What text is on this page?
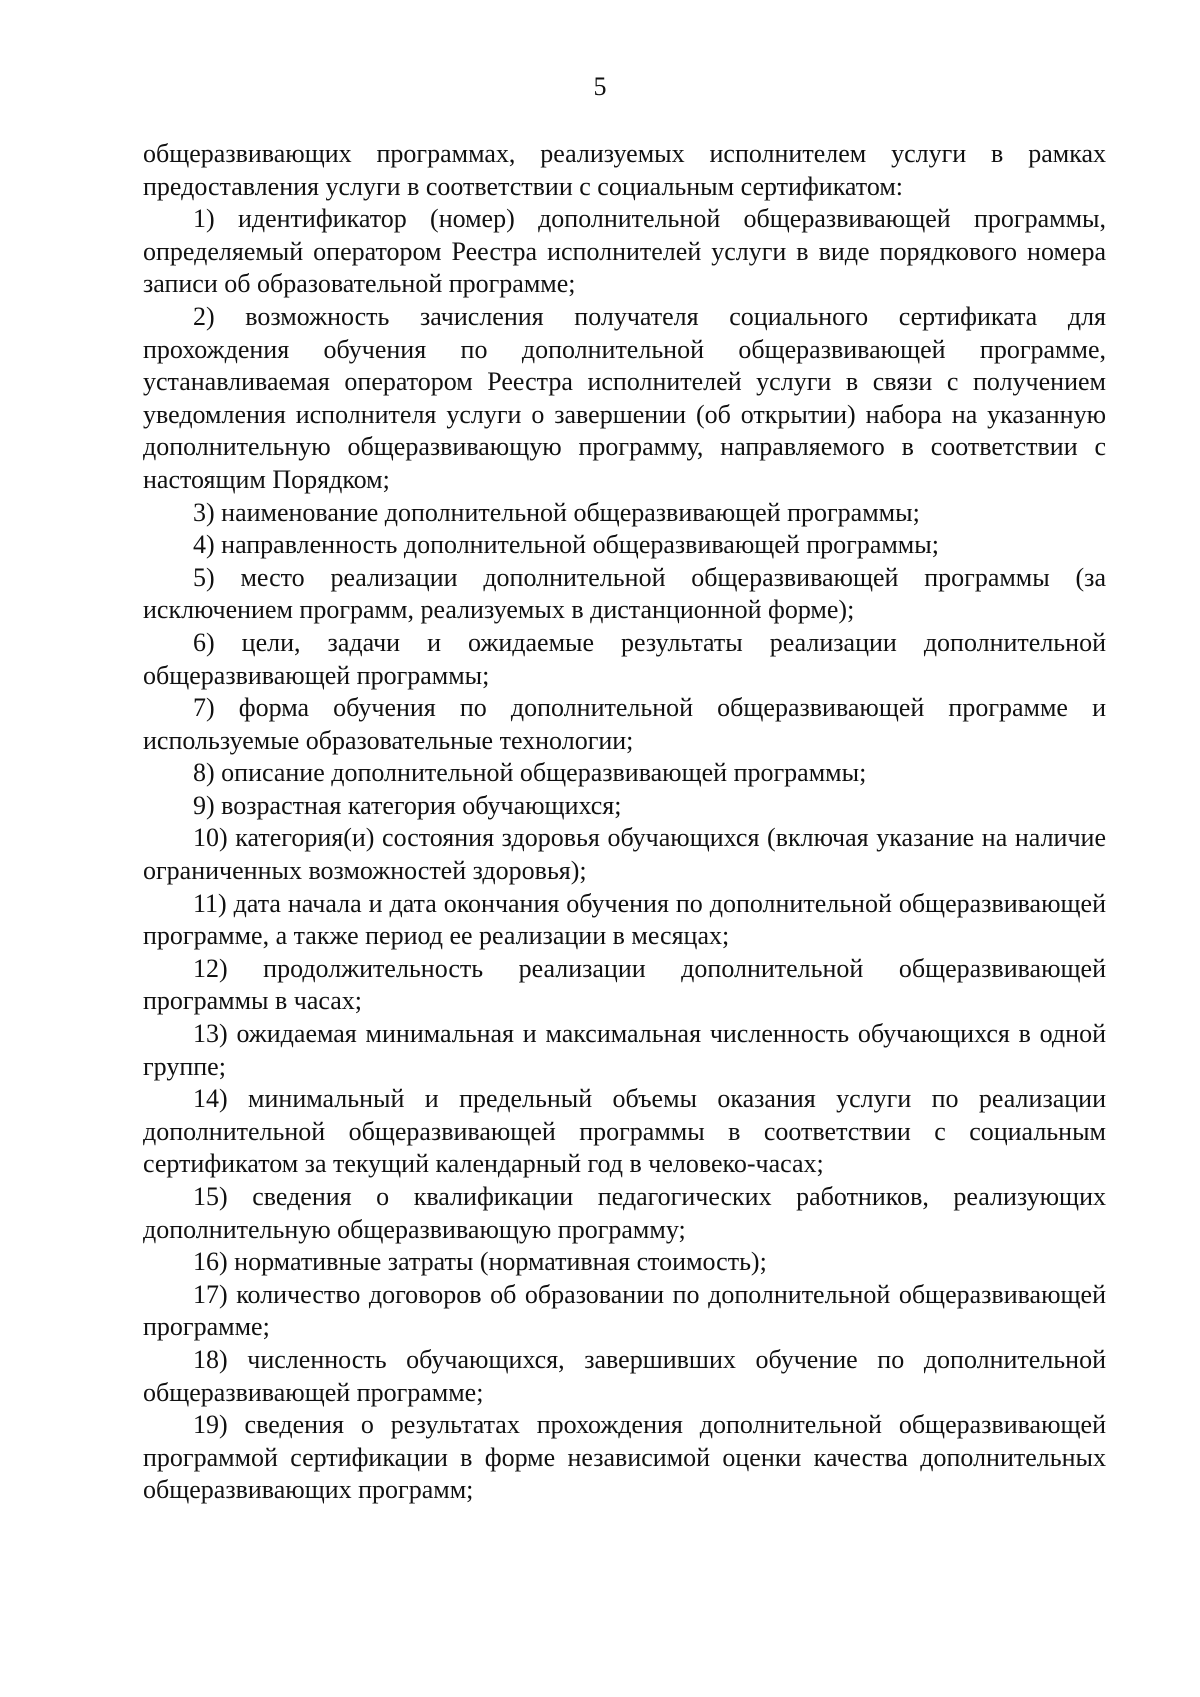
5

общеразвивающих программах, реализуемых исполнителем услуги в рамках предоставления услуги в соответствии с социальным сертификатом:

1) идентификатор (номер) дополнительной общеразвивающей программы, определяемый оператором Реестра исполнителей услуги в виде порядкового номера записи об образовательной программе;

2) возможность зачисления получателя социального сертификата для прохождения обучения по дополнительной общеразвивающей программе, устанавливаемая оператором Реестра исполнителей услуги в связи с получением уведомления исполнителя услуги о завершении (об открытии) набора на указанную дополнительную общеразвивающую программу, направляемого в соответствии с настоящим Порядком;

3) наименование дополнительной общеразвивающей программы;

4) направленность дополнительной общеразвивающей программы;

5) место реализации дополнительной общеразвивающей программы (за исключением программ, реализуемых в дистанционной форме);

6) цели, задачи и ожидаемые результаты реализации дополнительной общеразвивающей программы;

7) форма обучения по дополнительной общеразвивающей программе и используемые образовательные технологии;

8) описание дополнительной общеразвивающей программы;

9) возрастная категория обучающихся;

10) категория(и) состояния здоровья обучающихся (включая указание на наличие ограниченных возможностей здоровья);

11) дата начала и дата окончания обучения по дополнительной общеразвивающей программе, а также период ее реализации в месяцах;

12) продолжительность реализации дополнительной общеразвивающей программы в часах;

13) ожидаемая минимальная и максимальная численность обучающихся в одной группе;

14) минимальный и предельный объемы оказания услуги по реализации дополнительной общеразвивающей программы в соответствии с социальным сертификатом за текущий календарный год в человеко-часах;

15) сведения о квалификации педагогических работников, реализующих дополнительную общеразвивающую программу;

16) нормативные затраты (нормативная стоимость);

17) количество договоров об образовании по дополнительной общеразвивающей программе;

18) численность обучающихся, завершивших обучение по дополнительной общеразвивающей программе;

19) сведения о результатах прохождения дополнительной общеразвивающей программой сертификации в форме независимой оценки качества дополнительных общеразвивающих программ;
